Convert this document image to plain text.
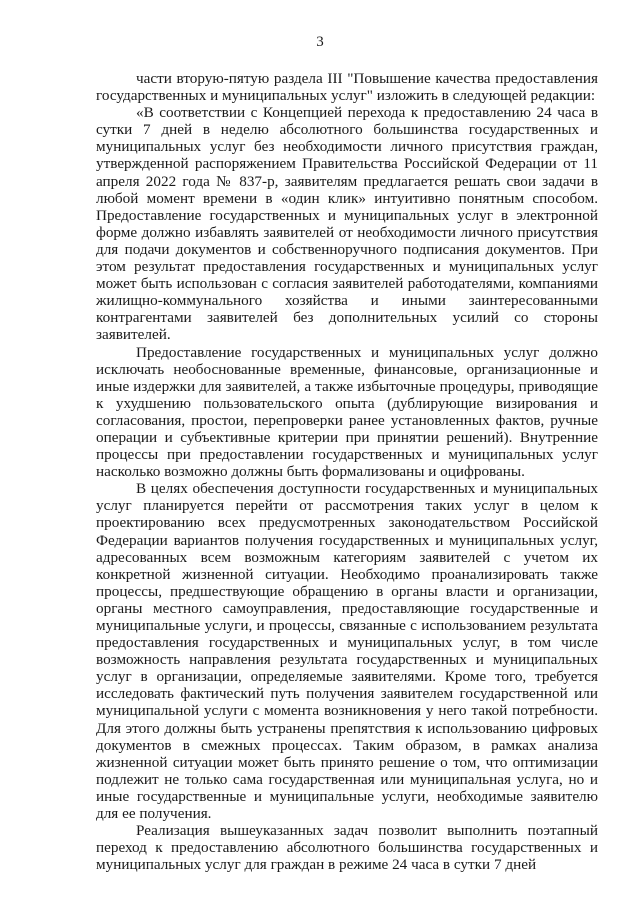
3

части вторую-пятую раздела III "Повышение качества предоставления государственных и муниципальных услуг" изложить в следующей редакции:

«В соответствии с Концепцией перехода к предоставлению 24 часа в сутки 7 дней в неделю абсолютного большинства государственных и муниципальных услуг без необходимости личного присутствия граждан, утвержденной распоряжением Правительства Российской Федерации от 11 апреля 2022 года № 837-р, заявителям предлагается решать свои задачи в любой момент времени в «один клик» интуитивно понятным способом. Предоставление государственных и муниципальных услуг в электронной форме должно избавлять заявителей от необходимости личного присутствия для подачи документов и собственноручного подписания документов. При этом результат предоставления государственных и муниципальных услуг может быть использован с согласия заявителей работодателями, компаниями жилищно-коммунального хозяйства и иными заинтересованными контрагентами заявителей без дополнительных усилий со стороны заявителей.

Предоставление государственных и муниципальных услуг должно исключать необоснованные временные, финансовые, организационные и иные издержки для заявителей, а также избыточные процедуры, приводящие к ухудшению пользовательского опыта (дублирующие визирования и согласования, простои, перепроверки ранее установленных фактов, ручные операции и субъективные критерии при принятии решений). Внутренние процессы при предоставлении государственных и муниципальных услуг насколько возможно должны быть формализованы и оцифрованы.

В целях обеспечения доступности государственных и муниципальных услуг планируется перейти от рассмотрения таких услуг в целом к проектированию всех предусмотренных законодательством Российской Федерации вариантов получения государственных и муниципальных услуг, адресованных всем возможным категориям заявителей с учетом их конкретной жизненной ситуации. Необходимо проанализировать также процессы, предшествующие обращению в органы власти и организации, органы местного самоуправления, предоставляющие государственные и муниципальные услуги, и процессы, связанные с использованием результата предоставления государственных и муниципальных услуг, в том числе возможность направления результата государственных и муниципальных услуг в организации, определяемые заявителями. Кроме того, требуется исследовать фактический путь получения заявителем государственной или муниципальной услуги с момента возникновения у него такой потребности. Для этого должны быть устранены препятствия к использованию цифровых документов в смежных процессах. Таким образом, в рамках анализа жизненной ситуации может быть принято решение о том, что оптимизации подлежит не только сама государственная или муниципальная услуга, но и иные государственные и муниципальные услуги, необходимые заявителю для ее получения.

Реализация вышеуказанных задач позволит выполнить поэтапный переход к предоставлению абсолютного большинства государственных и муниципальных услуг для граждан в режиме 24 часа в сутки 7 дней
